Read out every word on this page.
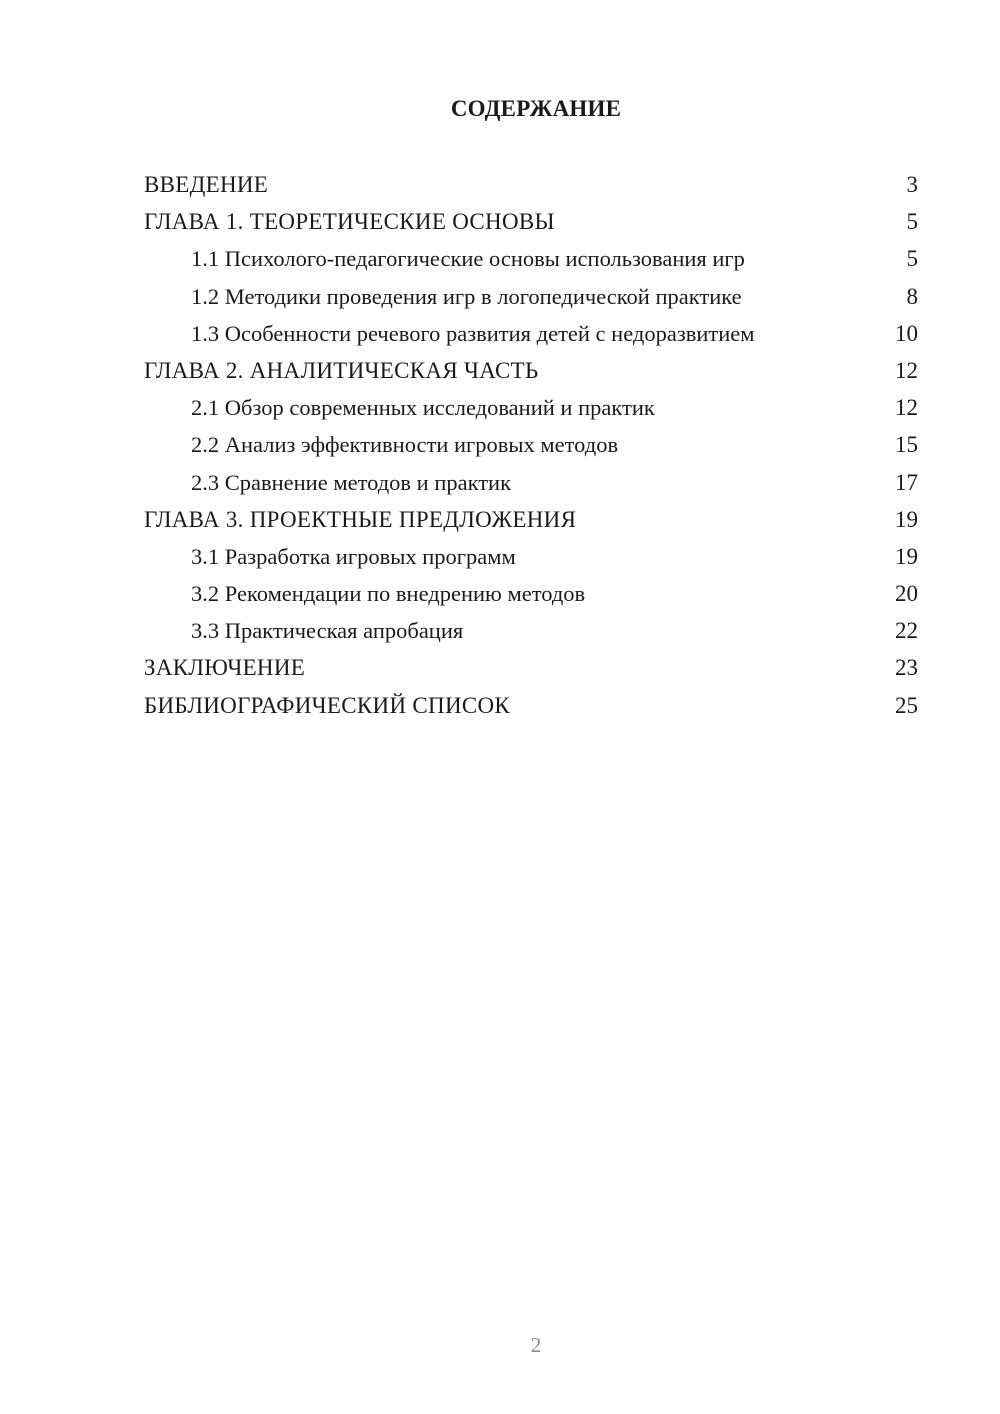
СОДЕРЖАНИЕ
ВВЕДЕНИЕ	3
ГЛАВА 1. ТЕОРЕТИЧЕСКИЕ ОСНОВЫ	5
1.1 Психолого-педагогические основы использования игр	5
1.2 Методики проведения игр в логопедической практике	8
1.3 Особенности речевого развития детей с недоразвитием	10
ГЛАВА 2. АНАЛИТИЧЕСКАЯ ЧАСТЬ	12
2.1 Обзор современных исследований и практик	12
2.2 Анализ эффективности игровых методов	15
2.3 Сравнение методов и практик	17
ГЛАВА 3. ПРОЕКТНЫЕ ПРЕДЛОЖЕНИЯ	19
3.1 Разработка игровых программ	19
3.2 Рекомендации по внедрению методов	20
3.3 Практическая апробация	22
ЗАКЛЮЧЕНИЕ	23
БИБЛИОГРАФИЧЕСКИЙ СПИСОК	25
2
